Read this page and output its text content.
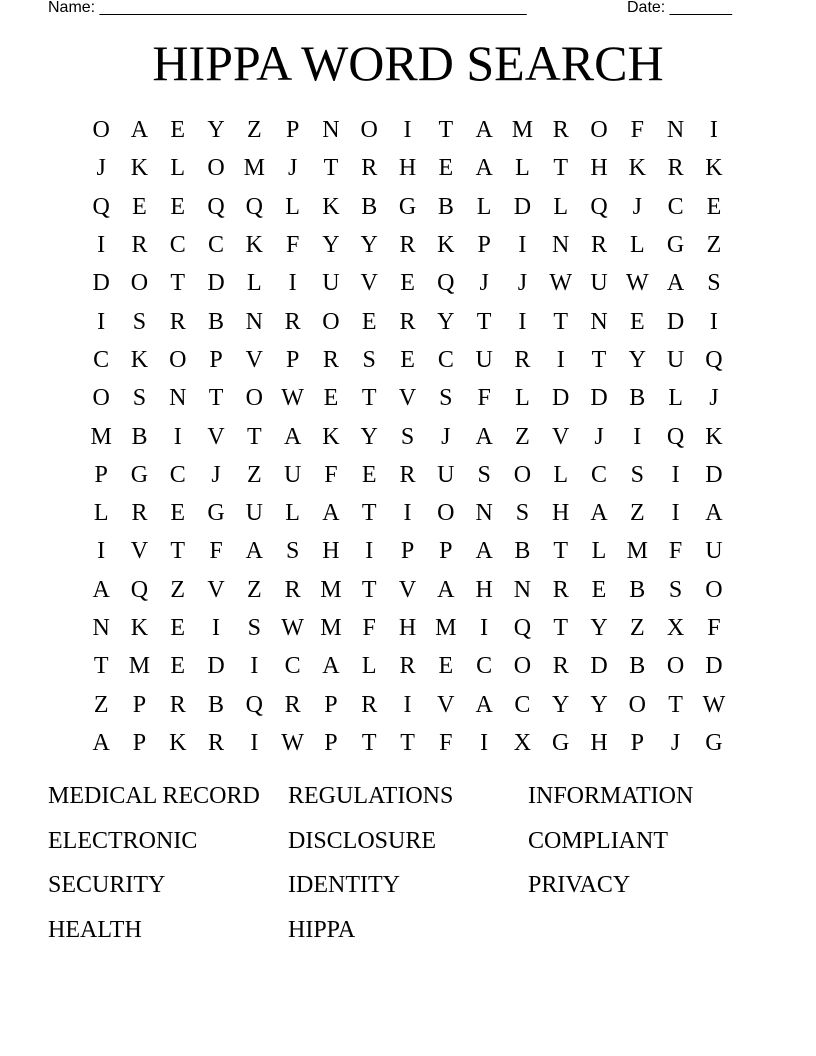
Name: ________________________________________________	Date: _______
HIPPA WORD SEARCH
O A E Y Z	P N O	I	T A M R O F N	I
J	K L O M J	T R H E A L T H K R K
Q E E Q Q L K B G B L D L Q	J	C E
I	R C C K F Y Y R K P	I	N R L G Z
D O T D L	I	U V E Q	J	J W U W A S
I	S R B N R O E R Y T	I	T N E D	I
C K O P V P R S	E C U R	I	T Y U Q
O S N T O W E T V S	F	L D D B L	J
M B	I	V T A K Y S	J	A Z V	J	I	Q K
P G C	J	Z U F	E R U S O L C S	I	D
L R E G U L A T	I	O N S H A Z	I	A
I	V T	F A S H	I	P	P A B T L M F U
A Q Z V Z R M T V A H N R E B S O
N K E	I	S W M F H M I	Q T Y Z X F
T M E D	I	C A L R E C O R D B O D
Z	P R B Q R P R	I	V A C Y Y O T W
A P K R	I W P	T T	F	I	X G H P	J	G
MEDICAL RECORD	REGULATIONS	INFORMATION
ELECTRONIC	DISCLOSURE	COMPLIANT
SECURITY	IDENTITY	PRIVACY
HEALTH	HIPPA
